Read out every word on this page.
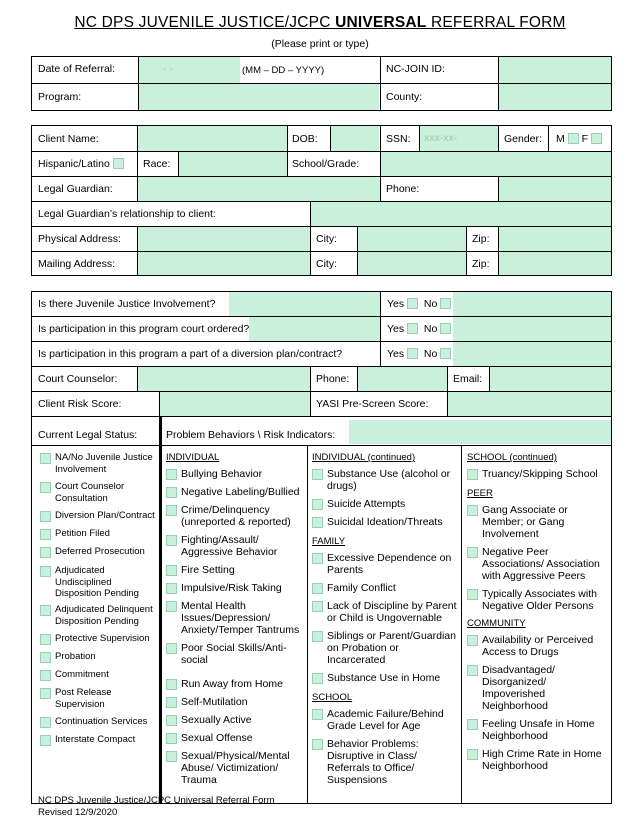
NC DPS JUVENILE JUSTICE/JCPC UNIVERSAL REFERRAL FORM
(Please print or type)
- -	(MM – DD – YYYY)
Date of Referral:	NC-JOIN ID:
Program:	County:
Client Name:	DOB:	SSN: xxx-xx-	Gender: M F
Hispanic/Latino	Race:	School/Grade:
Legal Guardian:	Phone:
Legal Guardian’s relationship to client:
Physical Address:	City:	Zip:
Mailing Address:	City:	Zip:
Is there Juvenile Justice Involvement?	Yes No
Is participation in this program court ordered?	Yes No
Is participation in this program a part of a diversion plan/contract?	Yes No
Court Counselor:	Phone:	Email:
Client Risk Score:	YASI Pre-Screen Score:
Current Legal Status:	Problem Behaviors \ Risk Indicators:
NA/No Juvenile Justice
Involvement
Court Counselor
Consultation
Diversion Plan/Contract
Petition Filed
Deferred Prosecution
Adjudicated
Undisciplined
Disposition Pending
Adjudicated Delinquent
Disposition Pending
Protective Supervision
Probation
Commitment
Post Release
Supervision
Continuation Services
Interstate Compact
INDIVIDUAL
Bullying Behavior
Negative Labeling/Bullied
Crime/Delinquency
(unreported & reported)
Fighting/Assault/
Aggressive Behavior
Fire Setting
Impulsive/Risk Taking
Mental Health
Issues/Depression/
Anxiety/Temper Tantrums
Poor Social Skills/Anti-
social
Run Away from Home
Self-Mutilation
Sexually Active
Sexual Offense
Sexual/Physical/Mental
Abuse/ Victimization/
Trauma
INDIVIDUAL (continued)
Substance Use (alcohol or
drugs)
Suicide Attempts
Suicidal Ideation/Threats
FAMILY
Excessive Dependence on
Parents
Family Conflict
Lack of Discipline by Parent
or Child is Ungovernable
Siblings or Parent/Guardian
on Probation or
Incarcerated
Substance Use in Home
SCHOOL
Academic Failure/Behind
Grade Level for Age
Behavior Problems:
Disruptive in Class/
Referrals to Office/
Suspensions
SCHOOL (continued)
Truancy/Skipping School
PEER
Gang Associate or
Member; or Gang
Involvement
Negative Peer
Associations/ Association
with Aggressive Peers
Typically Associates with
Negative Older Persons
COMMUNITY
Availability or Perceived
Access to Drugs
Disadvantaged/
Disorganized/
Impoverished
Neighborhood
Feeling Unsafe in Home
Neighborhood
High Crime Rate in Home
Neighborhood
NC DPS Juvenile Justice/JCPC Universal Referral Form
Revised 12/9/2020
